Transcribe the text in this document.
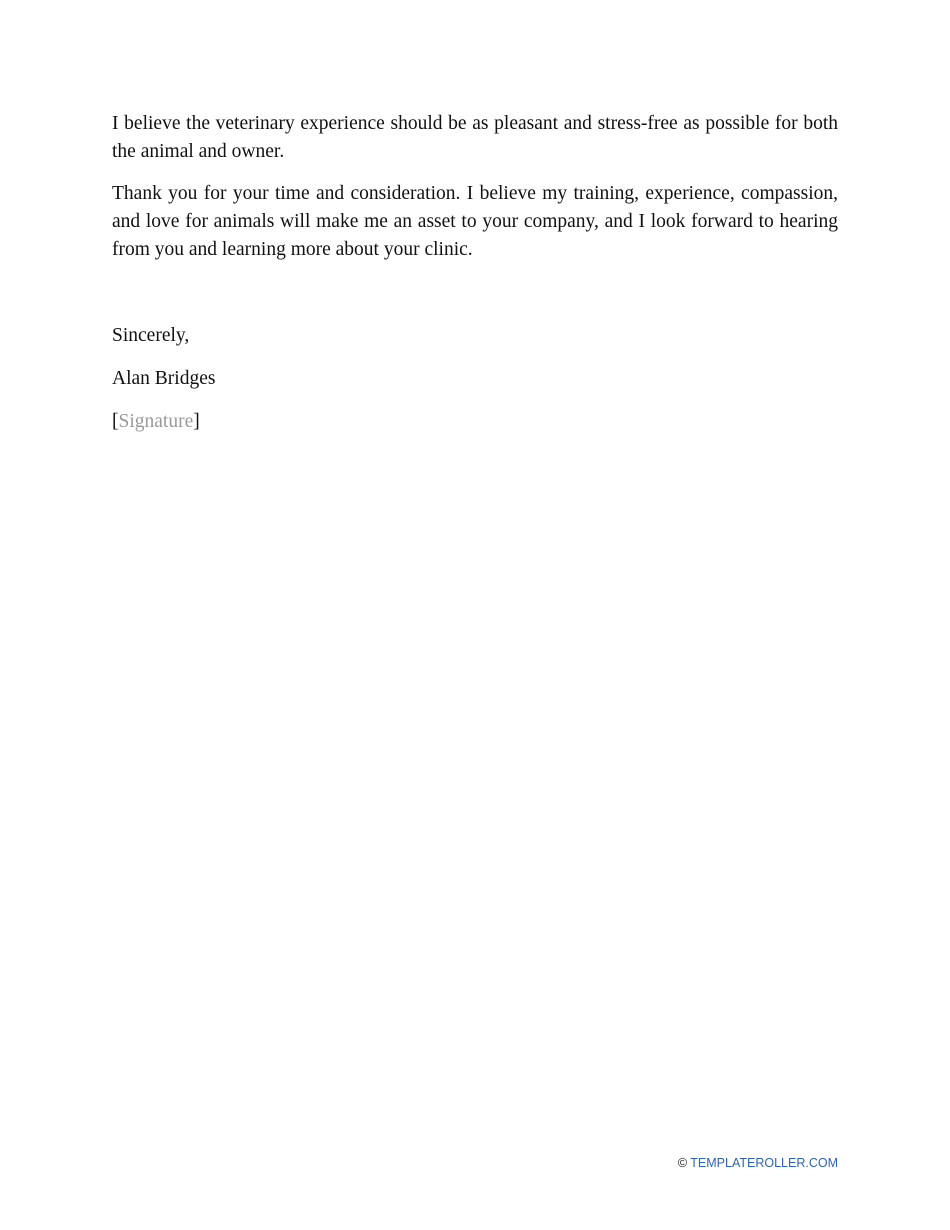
I believe the veterinary experience should be as pleasant and stress-free as possible for both the animal and owner.

Thank you for your time and consideration. I believe my training, experience, compassion, and love for animals will make me an asset to your company, and I look forward to hearing from you and learning more about your clinic.

Sincerely,

Alan Bridges

[Signature]

© TEMPLATEROLLER.COM
